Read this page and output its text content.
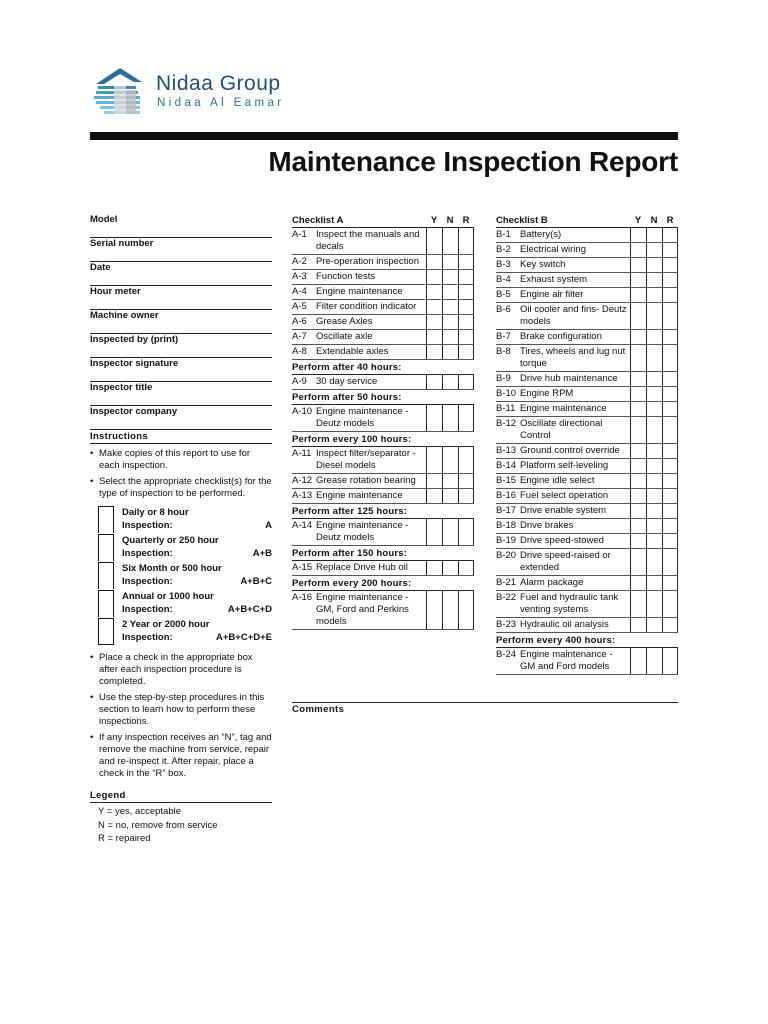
Nidaa Group
Nidaa Al Eamar
Maintenance Inspection Report
Model
Serial number
Date
Hour meter
Machine owner
Inspected by (print)
Inspector signature
Inspector title
Inspector company
Instructions
• Make copies of this report to use for each inspection.
• Select the appropriate checklist(s) for the type of inspection to be performed.
Daily or 8 hour
Inspection:	A
Quarterly or 250 hour
Inspection:	A+B
Six Month or 500 hour
Inspection:	A+B+C
Annual or 1000 hour
Inspection:	A+B+C+D
2 Year or 2000 hour
Inspection:	A+B+C+D+E
• Place a check in the appropriate box after each inspection procedure is completed.
• Use the step-by-step procedures in this section to learn how to perform these inspections.
• If any inspection receives an “N”, tag and remove the machine from service, repair and re-inspect it. After repair, place a check in the “R” box.
Legend
Y = yes, acceptable
N = no, remove from service
R = repaired
Checklist A	Y N R
A-1 Inspect the manuals and decals
A-2 Pre-operation inspection
A-3 Function tests
A-4 Engine maintenance
A-5 Filter condition indicator
A-6 Grease Axles
A-7 Oscillate axle
A-8 Extendable axles
Perform after 40 hours:
A-9 30 day service
Perform after 50 hours:
A-10 Engine maintenance - Deutz models
Perform every 100 hours:
A-11 Inspect filter/separator - Diesel models
A-12 Grease rotation bearing
A-13 Engine maintenance
Perform after 125 hours:
A-14 Engine maintenance - Deutz models
Perform after 150 hours:
A-15 Replace Drive Hub oil
Perform every 200 hours:
A-16 Engine maintenance - GM, Ford and Perkins models
Checklist B	Y N R
B-1 Battery(s)
B-2 Electrical wiring
B-3 Key switch
B-4 Exhaust system
B-5 Engine air filter
B-6 Oil cooler and fins- Deutz models
B-7 Brake configuration
B-8 Tires, wheels and lug nut torque
B-9 Drive hub maintenance
B-10 Engine RPM
B-11 Engine maintenance
B-12 Oscillate directional Control
B-13 Ground control override
B-14 Platform self-leveling
B-15 Engine idle select
B-16 Fuel select operation
B-17 Drive enable system
B-18 Drive brakes
B-19 Drive speed-stowed
B-20 Drive speed-raised or extended
B-21 Alarm package
B-22 Fuel and hydraulic tank venting systems
B-23 Hydraulic oil analysis
Perform every 400 hours:
B-24 Engine maintenance - GM and Ford models
Comments
